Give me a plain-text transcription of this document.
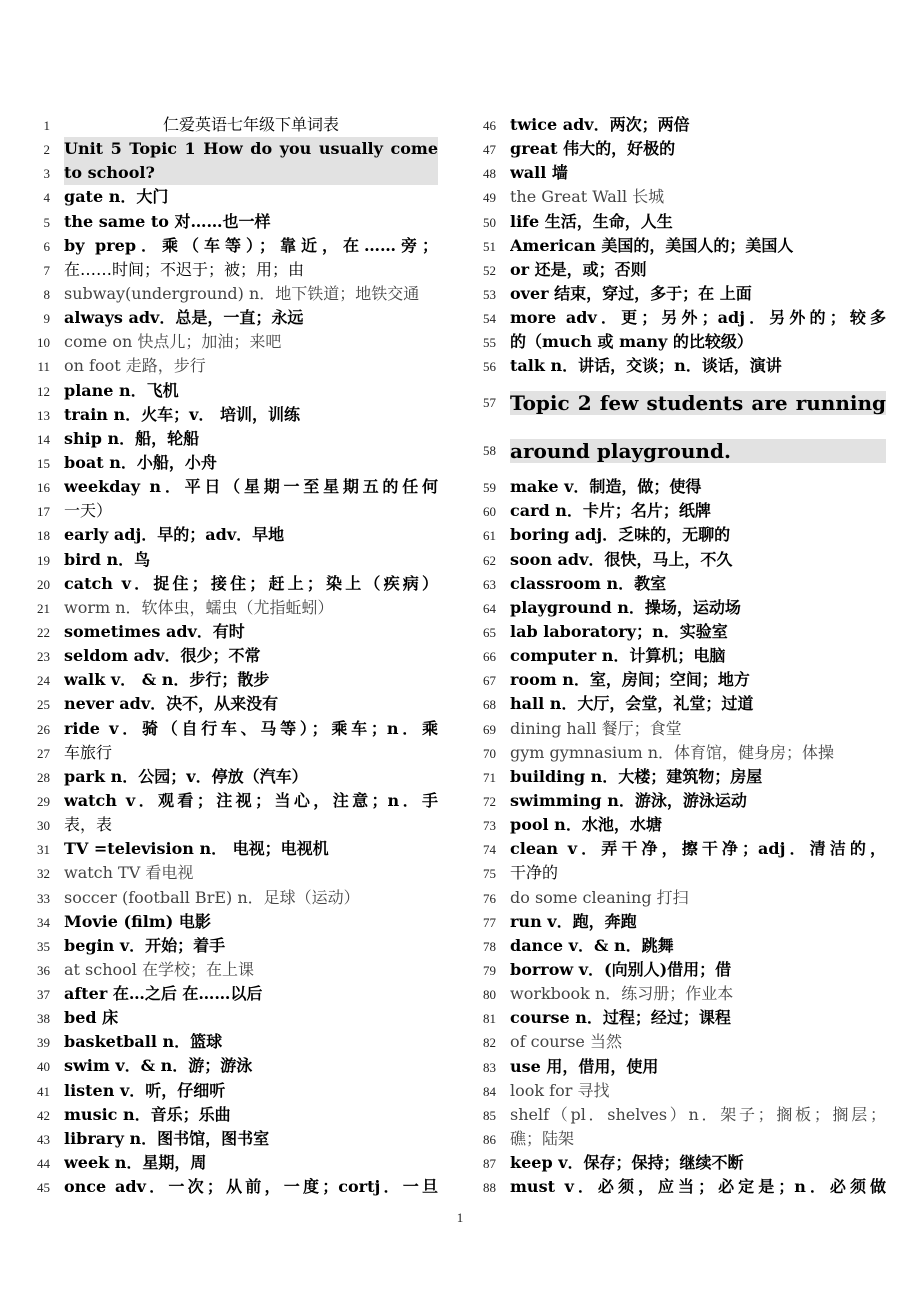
1	仁爱英语七年级下单词表
2 Unit 5 Topic 1 How do you usually come
3 to school?
4 gate n．大门
5 the same to 对……也一样
6 by prep．乘（车等）；靠近，在……旁；
7 在……时间；不迟于；被；用；由
8 subway(underground) n．地下铁道；地铁交通
9 always adv．总是，一直；永远
10 come on 快点儿；加油；来吧
11 on foot 走路，步行
12 plane n．飞机
13 train n．火车；v． 培训，训练
14 ship n．船，轮船
15 boat n．小船，小舟
16 weekday n．平日（星期一至星期五的任何
17 一天）
18 early adj．早的；adv．早地
19 bird n．鸟
20 catch v．捉住；接住；赶上；染上（疾病）
21 worm n．软体虫，蠕虫（尤指蚯蚓）
22 sometimes adv．有时
23 seldom adv．很少；不常
24 walk v． & n．步行；散步
25 never adv．决不，从来没有
26 ride v．骑（自行车、马等）；乘车；n．乘
27 车旅行
28 park n．公园；v．停放（汽车）
29 watch v．观看；注视；当心，注意；n．手
30 表，表
31 TV =television n． 电视；电视机
32 watch TV 看电视
33 soccer (football BrE) n．足球（运动）
34 Movie (film) 电影
35 begin v．开始；着手
36 at school 在学校；在上课
37 after 在…之后 在……以后
38 bed 床
39 basketball n．篮球
40 swim v．& n．游；游泳
41 listen v．听，仔细听
42 music n．音乐；乐曲
43 library n．图书馆，图书室
44 week n．星期，周
45 once adv．一次；从前，一度；cortj．一旦
46 twice adv．两次；两倍
47 great 伟大的，好极的
48 wall 墙
49 the Great Wall 长城
50 life 生活，生命，人生
51 American 美国的，美国人的；美国人
52 or 还是，或；否则
53 over 结束，穿过，多于；在 上面
54 more adv．更；另外；adj．另外的；较多
55 的（much 或 many 的比较级）
56 talk n．讲话，交谈；n．谈话，演讲
57 Topic 2 few students are running
58 around playground.
59 make v．制造，做；使得
60 card n．卡片；名片；纸牌
61 boring adj．乏味的，无聊的
62 soon adv．很快，马上，不久
63 classroom n．教室
64 playground n．操场，运动场
65 lab laboratory；n．实验室
66 computer n．计算机；电脑
67 room n．室，房间；空间；地方
68 hall n．大厅，会堂，礼堂；过道
69 dining hall 餐厅；食堂
70 gym gymnasium n．体育馆，健身房；体操
71 building n．大楼；建筑物；房屋
72 swimming n．游泳，游泳运动
73 pool n．水池，水塘
74 clean v．弄干净，擦干净；adj．清洁的，
75 干净的
76 do some cleaning 打扫
77 run v．跑，奔跑
78 dance v．& n．跳舞
79 borrow v．(向别人)借用；借
80 workbook n．练习册；作业本
81 course n．过程；经过；课程
82 of course 当然
83 use 用，借用，使用
84 look for 寻找
85 shelf（pl．shelves）n．架子；搁板；搁层；
86 礁；陆架
87 keep v．保存；保持；继续不断
88 must v．必须，应当；必定是；n．必须做
1
